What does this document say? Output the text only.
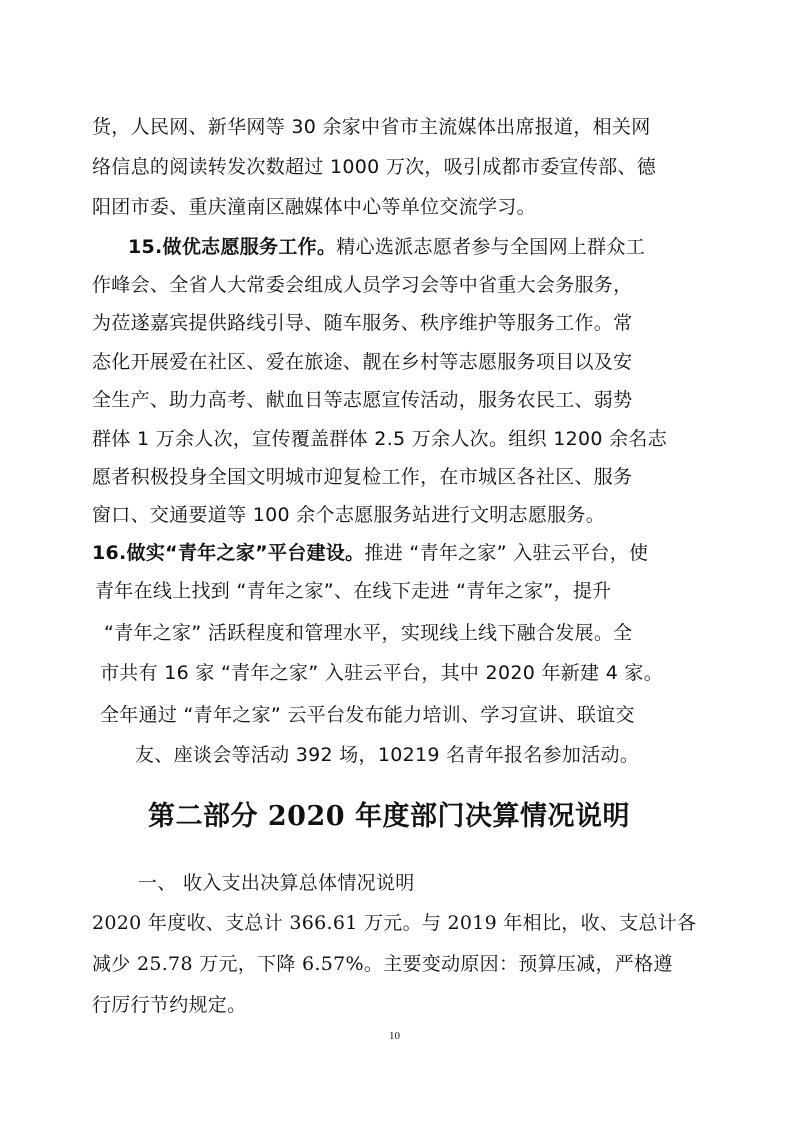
货，人民网、新华网等 30 余家中省市主流媒体出席报道，相关网
络信息的阅读转发次数超过 1000 万次，吸引成都市委宣传部、德
阳团市委、重庆潼南区融媒体中心等单位交流学习。
15.做优志愿服务工作。精心选派志愿者参与全国网上群众工
作峰会、全省人大常委会组成人员学习会等中省重大会务服务，
为莅遂嘉宾提供路线引导、随车服务、秩序维护等服务工作。常
态化开展爱在社区、爱在旅途、靓在乡村等志愿服务项目以及安
全生产、助力高考、献血日等志愿宣传活动，服务农民工、弱势
群体 1 万余人次，宣传覆盖群体 2.5 万余人次。组织 1200 余名志
愿者积极投身全国文明城市迎复检工作，在市城区各社区、服务
窗口、交通要道等 100 余个志愿服务站进行文明志愿服务。
16.做实“青年之家”平台建设。推进 “青年之家” 入驻云平台，使
青年在线上找到 “青年之家”、在线下走进 “青年之家”，提升
“青年之家” 活跃程度和管理水平，实现线上线下融合发展。全
市共有 16 家 “青年之家” 入驻云平台，其中 2020 年新建 4 家。
全年通过 “青年之家” 云平台发布能力培训、学习宣讲、联谊交
友、座谈会等活动 392 场，10219 名青年报名参加活动。
第二部分 2020 年度部门决算情况说明
一、 收入支出决算总体情况说明
2020 年度收、支总计 366.61 万元。与 2019 年相比，收、支总计各
减少 25.78 万元，下降 6.57%。主要变动原因：预算压减，严格遵
行厉行节约规定。
10
